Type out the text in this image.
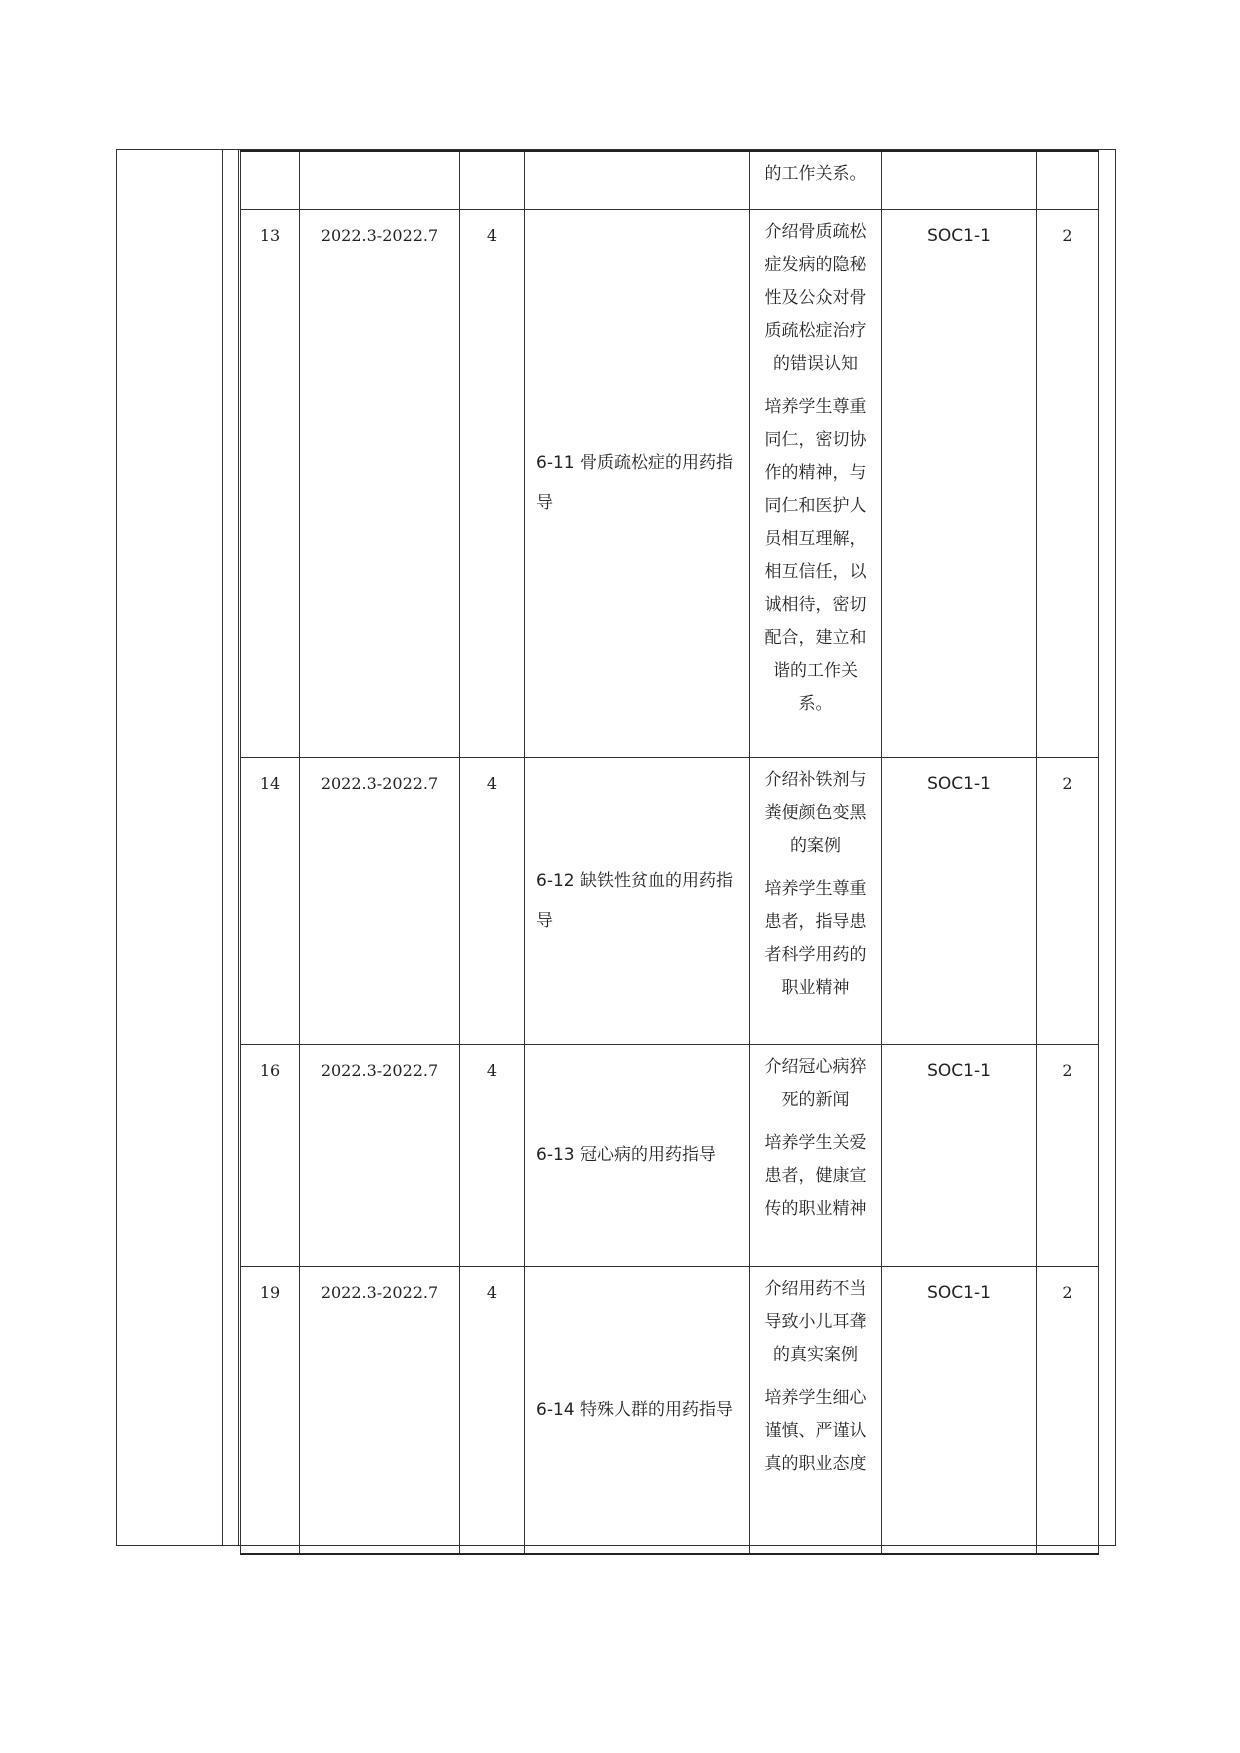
				的工作关系。		

13	2022.3-2022.7	4	6-11 骨质疏松症的用药指导	介绍骨质疏松症发病的隐秘性及公众对骨质疏松症治疗的错误认知
培养学生尊重同仁，密切协作的精神，与同仁和医护人员相互理解，相互信任，以诚相待，密切配合，建立和谐的工作关系。	SOC1-1	2
14	2022.3-2022.7	4	6-12 缺铁性贫血的用药指导	介绍补铁剂与粪便颜色变黑的案例
培养学生尊重患者，指导患者科学用药的职业精神	SOC1-1	2
16	2022.3-2022.7	4	6-13 冠心病的用药指导	介绍冠心病猝死的新闻
培养学生关爱患者，健康宣传的职业精神	SOC1-1	2
19	2022.3-2022.7	4	6-14 特殊人群的用药指导	介绍用药不当导致小儿耳聋的真实案例
培养学生细心谨慎、严谨认真的职业态度	SOC1-1	2
